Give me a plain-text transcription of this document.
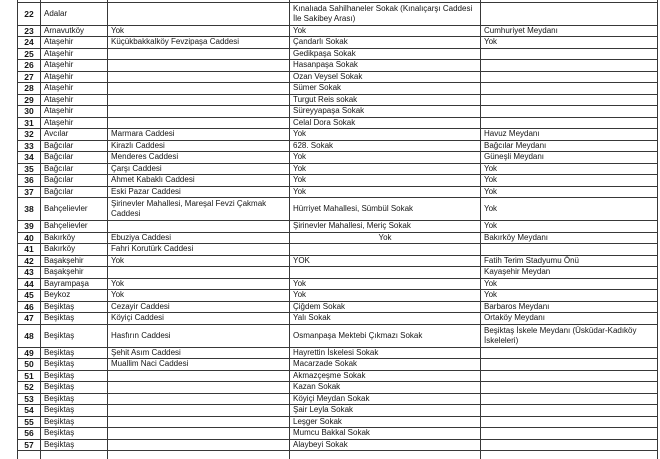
22	Adalar		Kınalıada Sahilhaneler Sokak (Kınalıçarşı Caddesi İle Sakibey Arası)	
23	Arnavutköy	Yok	Yok	Cumhuriyet Meydanı
24	Ataşehir	Küçükbakkalköy Fevzipaşa Caddesi	Çandarlı Sokak	Yok
25	Ataşehir		Gedikpaşa Sokak	
26	Ataşehir		Hasanpaşa Sokak	
27	Ataşehir		Ozan Veysel Sokak	
28	Ataşehir		Sümer Sokak	
29	Ataşehir		Turgut Reis sokak	
30	Ataşehir		Süreyyapaşa Sokak	
31	Ataşehir		Celal Dora Sokak	
32	Avcılar	Marmara Caddesi	Yok	Havuz Meydanı
33	Bağcılar	Kirazlı Caddesi	628. Sokak	Bağcılar Meydanı
34	Bağcılar	Menderes Caddesi	Yok	Güneşli Meydanı
35	Bağcılar	Çarşı Caddesi	Yok	Yok
36	Bağcılar	Ahmet Kabaklı Caddesi	Yok	Yok
37	Bağcılar	Eski Pazar Caddesi	Yok	Yok
38	Bahçelievler	Şirinevler Mahallesi, Mareşal Fevzi Çakmak Caddesi	Hürriyet Mahallesi, Sümbül Sokak	Yok
39	Bahçelievler		Şirinevler Mahallesi, Meriç Sokak	Yok
40	Bakırköy	Ebuziya Caddesi	Yok	Bakırköy Meydanı
41	Bakırköy	Fahri Korutürk Caddesi		
42	Başakşehir	Yok	YOK	Fatih Terim Stadyumu Önü
43	Başakşehir			Kayaşehir Meydan
44	Bayrampaşa	Yok	Yok	Yok
45	Beykoz	Yok	Yok	Yok
46	Beşiktaş	Cezayir Caddesi	Çiğdem Sokak	Barbaros Meydanı
47	Beşiktaş	Köyiçi Caddesi	Yalı Sokak	Ortaköy Meydanı
48	Beşiktaş	Hasfırın Caddesi	Osmanpaşa Mektebi Çıkmazı Sokak	Beşiktaş İskele Meydanı (Üsküdar-Kadıköy İskeleleri)
49	Beşiktaş	Şehit Asım Caddesi	Hayrettin İskelesi Sokak	
50	Beşiktaş	Muallim Naci Caddesi	Macarzade Sokak	
51	Beşiktaş		Akmazçeşme Sokak	
52	Beşiktaş		Kazan Sokak	
53	Beşiktaş		Köyiçi Meydan Sokak	
54	Beşiktaş		Şair Leyla Sokak	
55	Beşiktaş		Leşger Sokak	
56	Beşiktaş		Mumcu Bakkal Sokak	
57	Beşiktaş		Alaybeyi Sokak	
